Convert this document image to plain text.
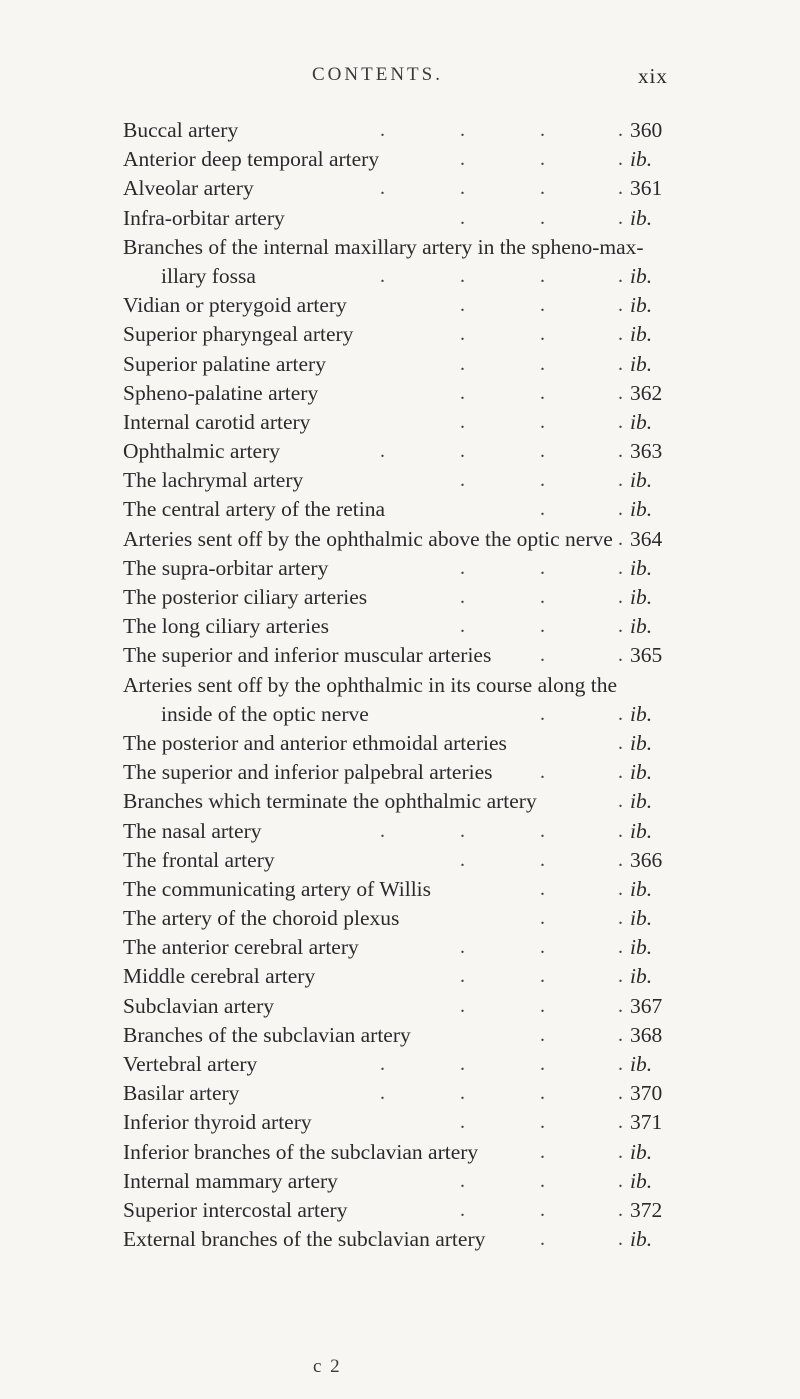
CONTENTS.	xix
Buccal artery	.	.	.	. 360
Anterior deep temporal artery	.	.	. ib.
Alveolar artery	.	.	.	. 361
Infra-orbitar artery	.	.	. ib.
Branches of the internal maxillary artery in the spheno-max-
illary fossa	.	.	.	. ib.
Vidian or pterygoid artery	.	.	. ib.
Superior pharyngeal artery	.	.	. ib.
Superior palatine artery	.	.	. ib.
Spheno-palatine artery	.	.	. 362
Internal carotid artery	.	.	. ib.
Ophthalmic artery	.	.	.	. 363
The lachrymal artery	.	.	. ib.
The central artery of the retina	.	. ib.
Arteries sent off by the ophthalmic above the optic nerve . 364
The supra-orbitar artery	.	.	. ib.
The posterior ciliary arteries	.	.	. ib.
The long ciliary arteries	.	.	. ib.
The superior and inferior muscular arteries .	. 365
Arteries sent off by the ophthalmic in its course along the
inside of the optic nerve	.	. ib.
The posterior and anterior ethmoidal arteries	. ib.
The superior and inferior palpebral arteries .	. ib.
Branches which terminate the ophthalmic artery	. ib.
The nasal artery	.	.	.	. ib.
The frontal artery	.	.	. 366
The communicating artery of Willis	.	. ib.
The artery of the choroid plexus	.	. ib.
The anterior cerebral artery	.	.	. ib.
Middle cerebral artery	.	.	. ib.
Subclavian artery	.	.	. 367
Branches of the subclavian artery	.	. 368
Vertebral artery	.	.	.	. ib.
Basilar artery	.	.	.	. 370
Inferior thyroid artery	.	.	. 371
Inferior branches of the subclavian artery	.	. ib.
Internal mammary artery	.	.	. ib.
Superior intercostal artery	.	.	. 372
External branches of the subclavian artery	.	. ib.
c 2
